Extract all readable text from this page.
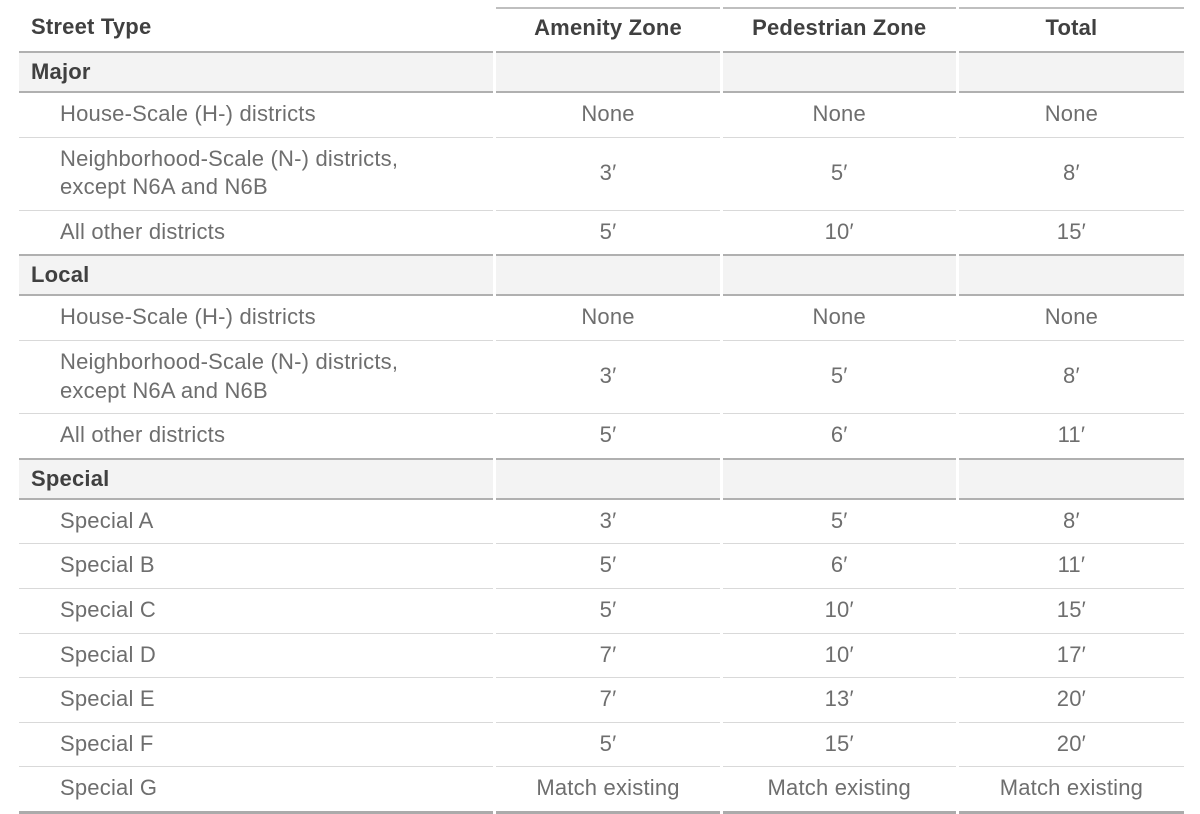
Street Type	Amenity Zone	Pedestrian Zone	Total
Major			
House-Scale (H-) districts	None	None	None
Neighborhood-Scale (N-) districts, except N6A and N6B	3′	5′	8′
All other districts	5′	10′	15′
Local			
House-Scale (H-) districts	None	None	None
Neighborhood-Scale (N-) districts, except N6A and N6B	3′	5′	8′
All other districts	5′	6′	11′
Special			
Special A	3′	5′	8′
Special B	5′	6′	11′
Special C	5′	10′	15′
Special D	7′	10′	17′
Special E	7′	13′	20′
Special F	5′	15′	20′
Special G	Match existing	Match existing	Match existing
